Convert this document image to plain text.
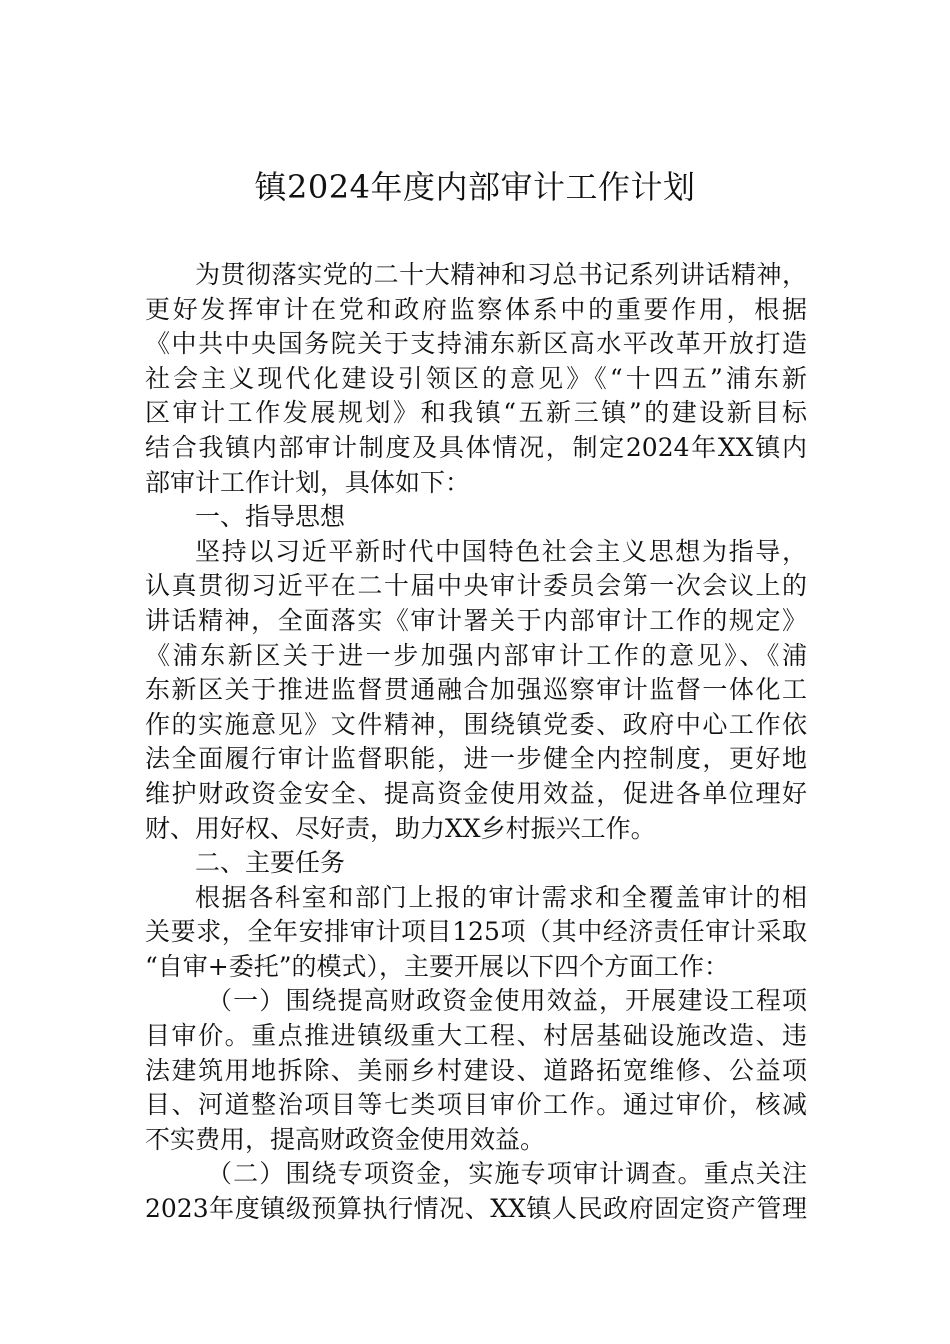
镇2024年度内部审计工作计划
为贯彻落实党的二十大精神和习总书记系列讲话精神，
更好发挥审计在党和政府监察体系中的重要作用，根据
《中共中央国务院关于支持浦东新区高水平改革开放打造
社会主义现代化建设引领区的意见》《“十四五”浦东新
区审计工作发展规划》和我镇“五新三镇”的建设新目标
结合我镇内部审计制度及具体情况，制定2024年XX镇内
部审计工作计划，具体如下：
一、指导思想
坚持以习近平新时代中国特色社会主义思想为指导，
认真贯彻习近平在二十届中央审计委员会第一次会议上的
讲话精神，全面落实《审计署关于内部审计工作的规定》
《浦东新区关于进一步加强内部审计工作的意见》、《浦
东新区关于推进监督贯通融合加强巡察审计监督一体化工
作的实施意见》文件精神，围绕镇党委、政府中心工作依
法全面履行审计监督职能，进一步健全内控制度，更好地
维护财政资金安全、提高资金使用效益，促进各单位理好
财、用好权、尽好责，助力XX乡村振兴工作。
二、主要任务
根据各科室和部门上报的审计需求和全覆盖审计的相
关要求，全年安排审计项目125项（其中经济责任审计采取
“自审+委托”的模式），主要开展以下四个方面工作：
（一）围绕提高财政资金使用效益，开展建设工程项
目审价。重点推进镇级重大工程、村居基础设施改造、违
法建筑用地拆除、美丽乡村建设、道路拓宽维修、公益项
目、河道整治项目等七类项目审价工作。通过审价，核减
不实费用，提高财政资金使用效益。
（二）围绕专项资金，实施专项审计调查。重点关注
2023年度镇级预算执行情况、XX镇人民政府固定资产管理
